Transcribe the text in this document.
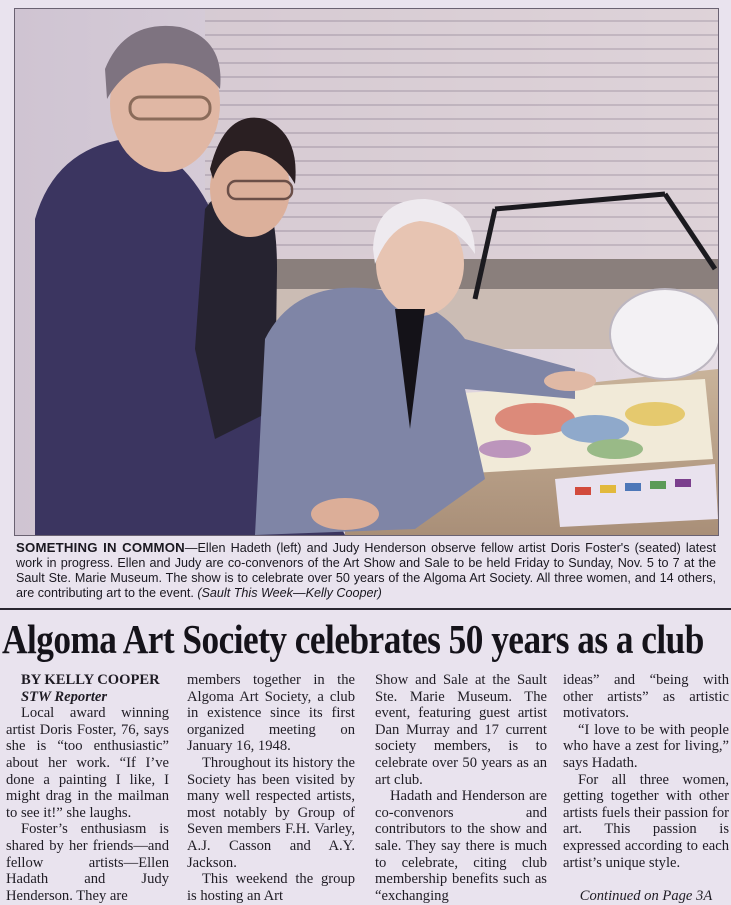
SOMETHING IN COMMON—Ellen Hadeth (left) and Judy Henderson observe fellow artist Doris Foster's (seated) latest work in progress. Ellen and Judy are co-convenors of the Art Show and Sale to be held Friday to Sunday, Nov. 5 to 7 at the Sault Ste. Marie Museum. The show is to celebrate over 50 years of the Algoma Art Society. All three women, and 14 others, are contributing art to the event. (Sault This Week—Kelly Cooper)
Algoma Art Society celebrates 50 years as a club

BY KELLY COOPER

STW Reporter

Local award winning artist Doris Foster, 76, says she is “too enthusiastic” about her work. “If I’ve done a painting I like, I might drag in the mailman to see it!” she laughs.

Foster’s enthusiasm is shared by her friends—and fellow artists—Ellen Hadath and Judy Henderson. They are

members together in the Algoma Art Society, a club in existence since its first organized meeting on January 16, 1948.

Throughout its history the Society has been visited by many well respected artists, most notably by Group of Seven members F.H. Varley, A.J. Casson and A.Y. Jackson.

This weekend the group is hosting an Art

Show and Sale at the Sault Ste. Marie Museum. The event, featuring guest artist Dan Murray and 17 current society members, is to celebrate over 50 years as an art club.

Hadath and Henderson are co-convenors and contributors to the show and sale. They say there is much to celebrate, citing club membership benefits such as “exchanging

ideas” and “being with other artists” as artistic motivators.

“I love to be with people who have a zest for living,” says Hadath.

For all three women, getting together with other artists fuels their passion for art. This passion is expressed according to each artist’s unique style.

Continued on Page 3A
